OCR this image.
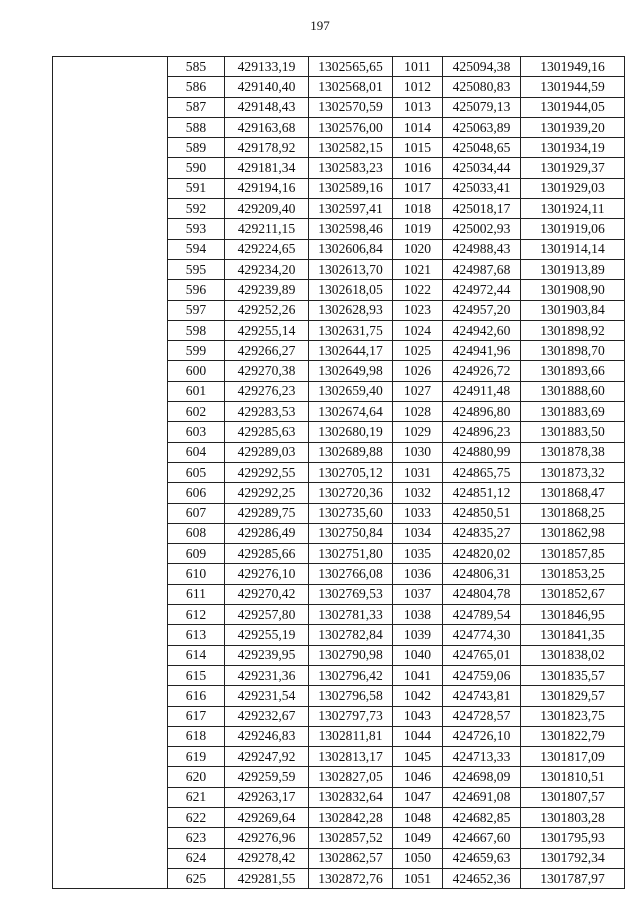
197
	585	429133,19	1302565,65	1011	425094,38	1301949,16
	586	429140,40	1302568,01	1012	425080,83	1301944,59
	587	429148,43	1302570,59	1013	425079,13	1301944,05
	588	429163,68	1302576,00	1014	425063,89	1301939,20
	589	429178,92	1302582,15	1015	425048,65	1301934,19
	590	429181,34	1302583,23	1016	425034,44	1301929,37
	591	429194,16	1302589,16	1017	425033,41	1301929,03
	592	429209,40	1302597,41	1018	425018,17	1301924,11
	593	429211,15	1302598,46	1019	425002,93	1301919,06
	594	429224,65	1302606,84	1020	424988,43	1301914,14
	595	429234,20	1302613,70	1021	424987,68	1301913,89
	596	429239,89	1302618,05	1022	424972,44	1301908,90
	597	429252,26	1302628,93	1023	424957,20	1301903,84
	598	429255,14	1302631,75	1024	424942,60	1301898,92
	599	429266,27	1302644,17	1025	424941,96	1301898,70
	600	429270,38	1302649,98	1026	424926,72	1301893,66
	601	429276,23	1302659,40	1027	424911,48	1301888,60
	602	429283,53	1302674,64	1028	424896,80	1301883,69
	603	429285,63	1302680,19	1029	424896,23	1301883,50
	604	429289,03	1302689,88	1030	424880,99	1301878,38
	605	429292,55	1302705,12	1031	424865,75	1301873,32
	606	429292,25	1302720,36	1032	424851,12	1301868,47
	607	429289,75	1302735,60	1033	424850,51	1301868,25
	608	429286,49	1302750,84	1034	424835,27	1301862,98
	609	429285,66	1302751,80	1035	424820,02	1301857,85
	610	429276,10	1302766,08	1036	424806,31	1301853,25
	611	429270,42	1302769,53	1037	424804,78	1301852,67
	612	429257,80	1302781,33	1038	424789,54	1301846,95
	613	429255,19	1302782,84	1039	424774,30	1301841,35
	614	429239,95	1302790,98	1040	424765,01	1301838,02
	615	429231,36	1302796,42	1041	424759,06	1301835,57
	616	429231,54	1302796,58	1042	424743,81	1301829,57
	617	429232,67	1302797,73	1043	424728,57	1301823,75
	618	429246,83	1302811,81	1044	424726,10	1301822,79
	619	429247,92	1302813,17	1045	424713,33	1301817,09
	620	429259,59	1302827,05	1046	424698,09	1301810,51
	621	429263,17	1302832,64	1047	424691,08	1301807,57
	622	429269,64	1302842,28	1048	424682,85	1301803,28
	623	429276,96	1302857,52	1049	424667,60	1301795,93
	624	429278,42	1302862,57	1050	424659,63	1301792,34
	625	429281,55	1302872,76	1051	424652,36	1301787,97
